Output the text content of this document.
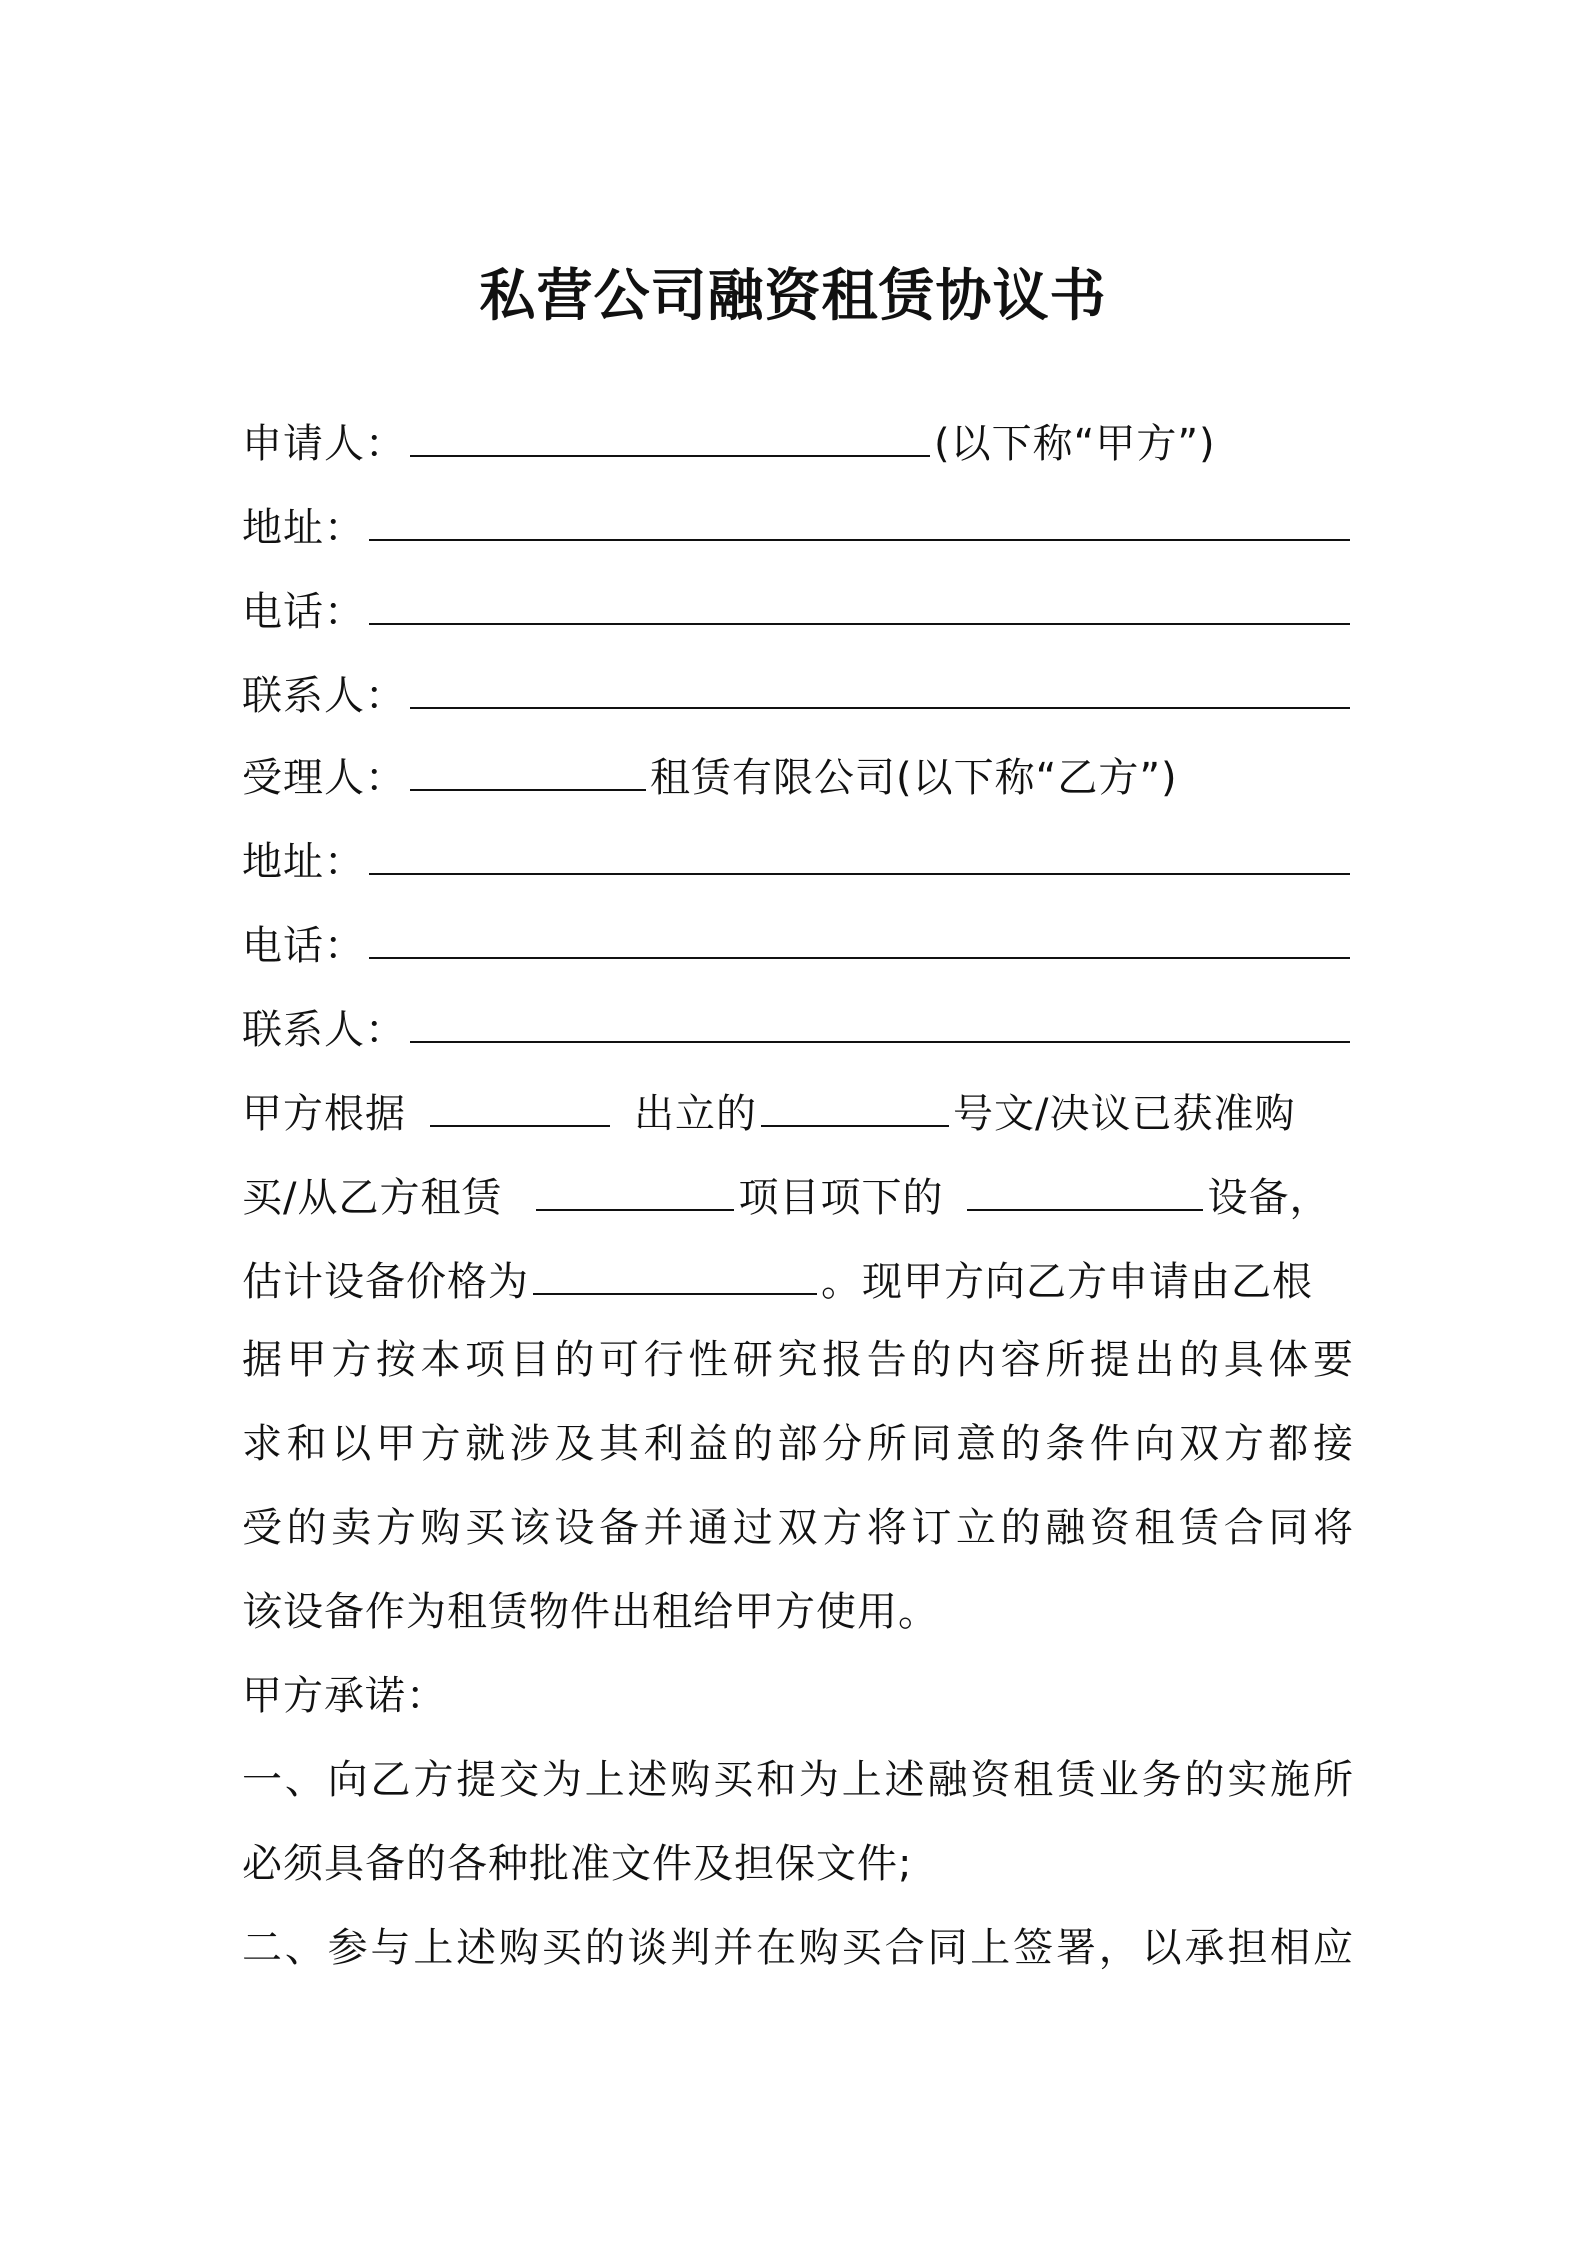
私营公司融资租赁协议书
申请人：	(以下称“甲方”)
地址：
电话：
联系人：
受理人：	租赁有限公司(以下称“乙方”)
地址：
电话：
联系人：
甲方根据	出立的	号文/决议已获准购
买/从乙方租赁	项目项下的	设备，
估计设备价格为	。现甲方向乙方申请由乙根
据甲方按本项目的可行性研究报告的内容所提出的具体要
求和以甲方就涉及其利益的部分所同意的条件向双方都接
受的卖方购买该设备并通过双方将订立的融资租赁合同将
该设备作为租赁物件出租给甲方使用。
甲方承诺：
一、向乙方提交为上述购买和为上述融资租赁业务的实施所
必须具备的各种批准文件及担保文件;
二、参与上述购买的谈判并在购买合同上签署，以承担相应
